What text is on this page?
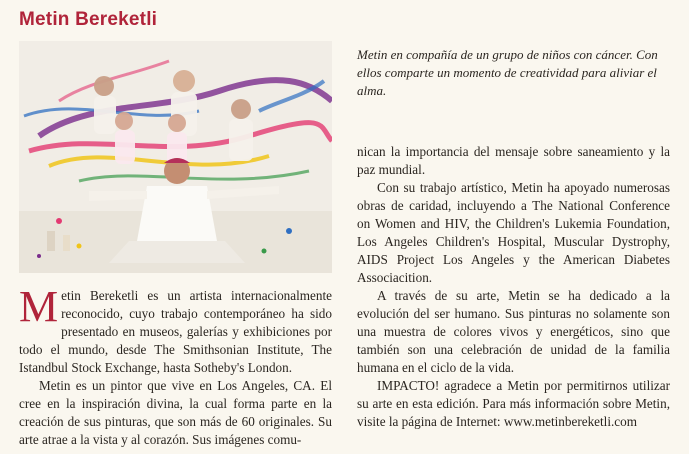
Metin Bereketli
Metin en compañía de un grupo de niños con cáncer. Con ellos comparte un momento de creatividad para aliviar el alma.

Metin Bereketli es un artista internacionalmente reconocido, cuyo trabajo contemporáneo ha sido presentado en museos, galerías y exhibiciones por todo el mundo, desde The Smithsonian Institute, The Istandbul Stock Exchange, hasta Sotheby's London.

Metin es un pintor que vive en Los Angeles, CA. El cree en la inspiración divina, la cual forma parte en la creación de sus pinturas, que son más de 60 originales. Su arte atrae a la vista y al corazón. Sus imágenes comu-

nican la importancia del mensaje sobre saneamiento y la paz mundial.

Con su trabajo artístico, Metin ha apoyado numerosas obras de caridad, incluyendo a The National Conference on Women and HIV, the Children's Lukemia Foundation, Los Angeles Children's Hospital, Muscular Dystrophy, AIDS Project Los Angeles y the American Diabetes Associacition.

A través de su arte, Metin se ha dedicado a la evolución del ser humano. Sus pinturas no solamente son una muestra de colores vivos y energéticos, sino que también son una celebración de unidad de la familia humana en el ciclo de la vida.

IMPACTO! agradece a Metin por permitirnos utilizar su arte en esta edición. Para más información sobre Metin, visite la página de Internet: www.metinbereketli.com
